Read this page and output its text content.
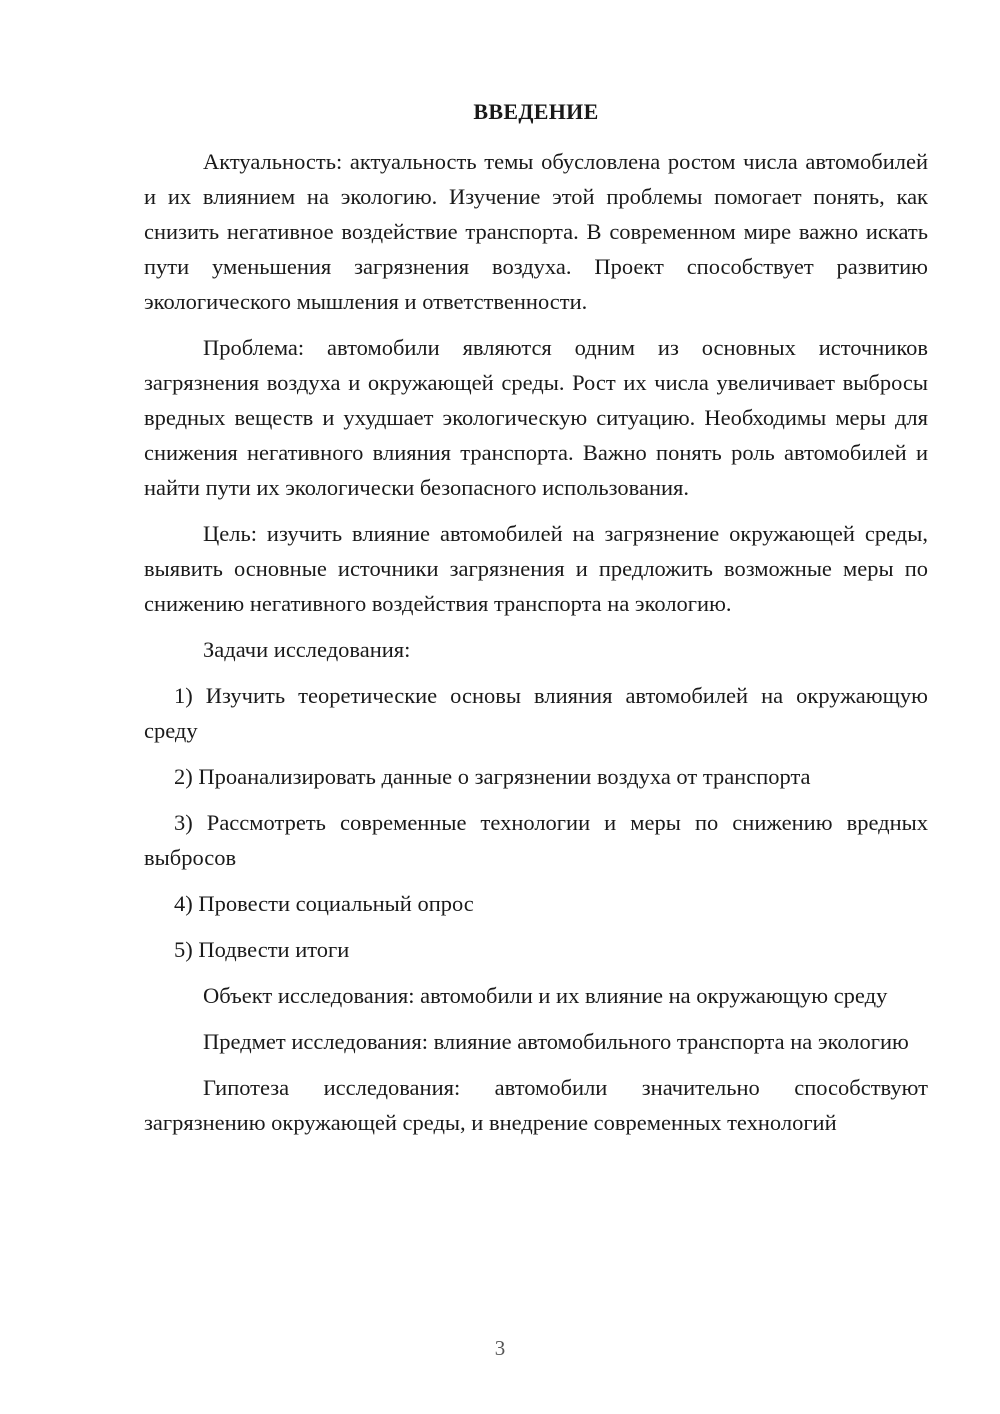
ВВЕДЕНИЕ

Актуальность: актуальность темы обусловлена ростом числа автомобилей и их влиянием на экологию. Изучение этой проблемы помогает понять, как снизить негативное воздействие транспорта. В современном мире важно искать пути уменьшения загрязнения воздуха. Проект способствует развитию экологического мышления и ответственности.

Проблема: автомобили являются одним из основных источников загрязнения воздуха и окружающей среды. Рост их числа увеличивает выбросы вредных веществ и ухудшает экологическую ситуацию. Необходимы меры для снижения негативного влияния транспорта. Важно понять роль автомобилей и найти пути их экологически безопасного использования.

Цель: изучить влияние автомобилей на загрязнение окружающей среды, выявить основные источники загрязнения и предложить возможные меры по снижению негативного воздействия транспорта на экологию.

Задачи исследования:

1) Изучить теоретические основы влияния автомобилей на окружающую среду

2) Проанализировать данные о загрязнении воздуха от транспорта

3) Рассмотреть современные технологии и меры по снижению вредных выбросов

4) Провести социальный опрос

5) Подвести итоги

Объект исследования: автомобили и их влияние на окружающую среду

Предмет исследования: влияние автомобильного транспорта на экологию

Гипотеза исследования: автомобили значительно способствуют загрязнению окружающей среды, и внедрение современных технологий

3
